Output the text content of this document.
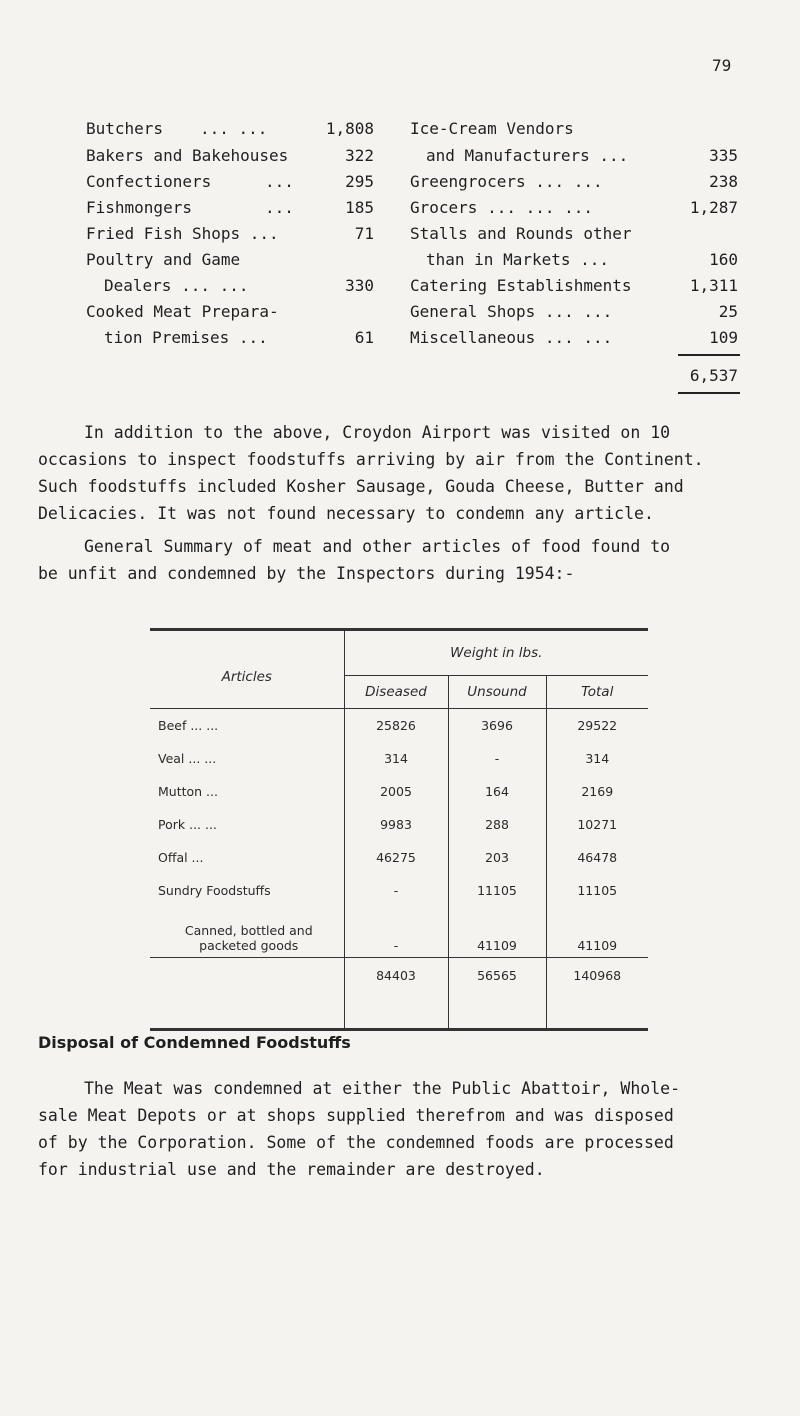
79
Butchers ... ...	1,808
Bakers and Bakehouses	322
Confectioners	...	295
Fishmongers	...	185
Fried Fish Shops ...	71
Poultry and Game
Dealers ... ...	330
Cooked Meat Prepara-
tion Premises ...	61
Ice-Cream Vendors
and Manufacturers ...	335
Greengrocers ... ...	238
Grocers ... ... ...	1,287
Stalls and Rounds other
than in Markets ...	160
Catering Establishments	1,311
General Shops ... ...	25
Miscellaneous ... ...	109
6,537
In addition to the above, Croydon Airport was visited on 10
occasions to inspect foodstuffs arriving by air from the Continent.
Such foodstuffs included Kosher Sausage, Gouda Cheese, Butter and
Delicacies. It was not found necessary to condemn any article.
General Summary of meat and other articles of food found to
be unfit and condemned by the Inspectors during 1954:-
Articles	Weight in lbs.		
	Diseased	Unsound	Total
Beef ... ...	25826	3696	29522
Veal ... ...	314	-	314
Mutton ...	2005	164	2169
Pork ... ...	9983	288	10271
Offal ...	46275	203	46478
Sundry Foodstuffs	-	11105	11105
Canned, bottled and packeted goods	-	41109	41109
	84403	56565	140968
Disposal of Condemned Foodstuffs
The Meat was condemned at either the Public Abattoir, Whole-
sale Meat Depots or at shops supplied therefrom and was disposed
of by the Corporation. Some of the condemned foods are processed
for industrial use and the remainder are destroyed.
